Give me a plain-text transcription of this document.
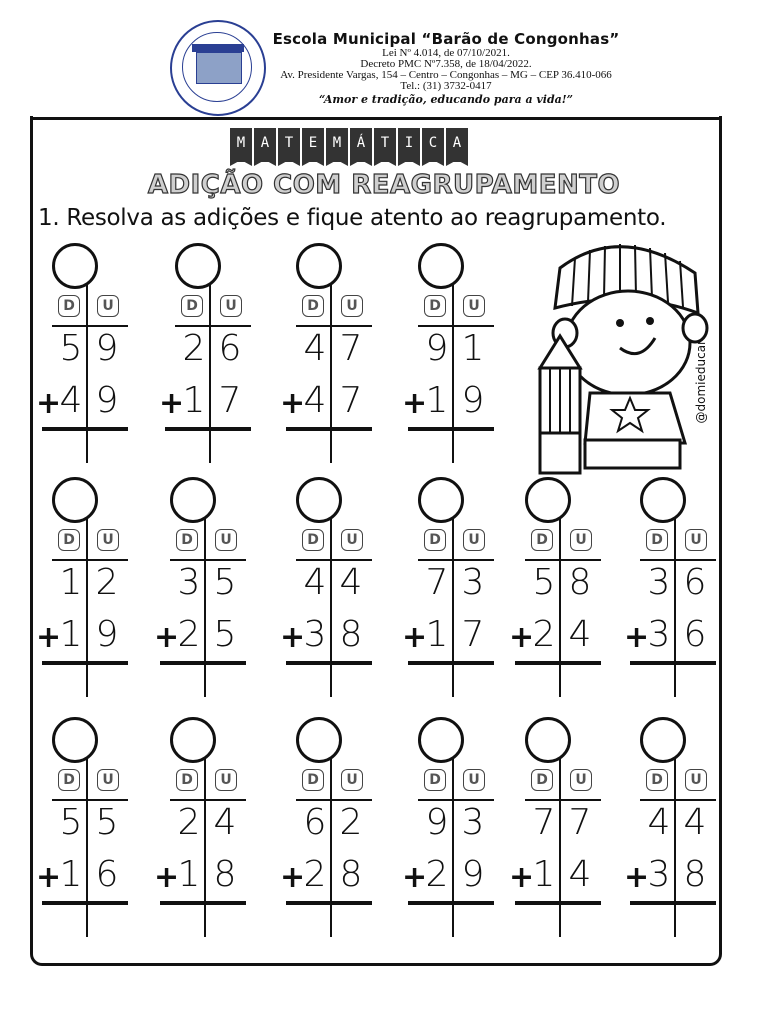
Escola Municipal “Barão de Congonhas”
Lei Nº 4.014, de 07/10/2021.
Decreto PMC Nº7.358, de 18/04/2022.
Av. Presidente Vargas, 154 – Centro – Congonhas – MG – CEP 36.410-066
Tel.: (31) 3732-0417
“Amor e tradição, educando para a vida!”
M	A	T	E	M	Á	T	I	C	A
ADIÇÃO COM REAGRUPAMENTO
1. Resolva as adições e fique atento ao reagrupamento.
@domieducar
D	U
5 9
4 9
+
D	U
2 6
1 7
+
D	U
4 7
4 7
+
D	U
9 1
1 9
+
D	U
1 2
1 9
+
D	U
3 5
2 5
+
D	U
4 4
3 8
+
D	U
7 3
1 7
+
D	U
5 8
2 4
+
D	U
3 6
3 6
+
D	U
5 5
1 6
+
D	U
2 4
1 8
+
D	U
6 2
2 8
+
D	U
9 3
2 9
+
D	U
7 7
1 4
+
D	U
4 4
3 8
+
